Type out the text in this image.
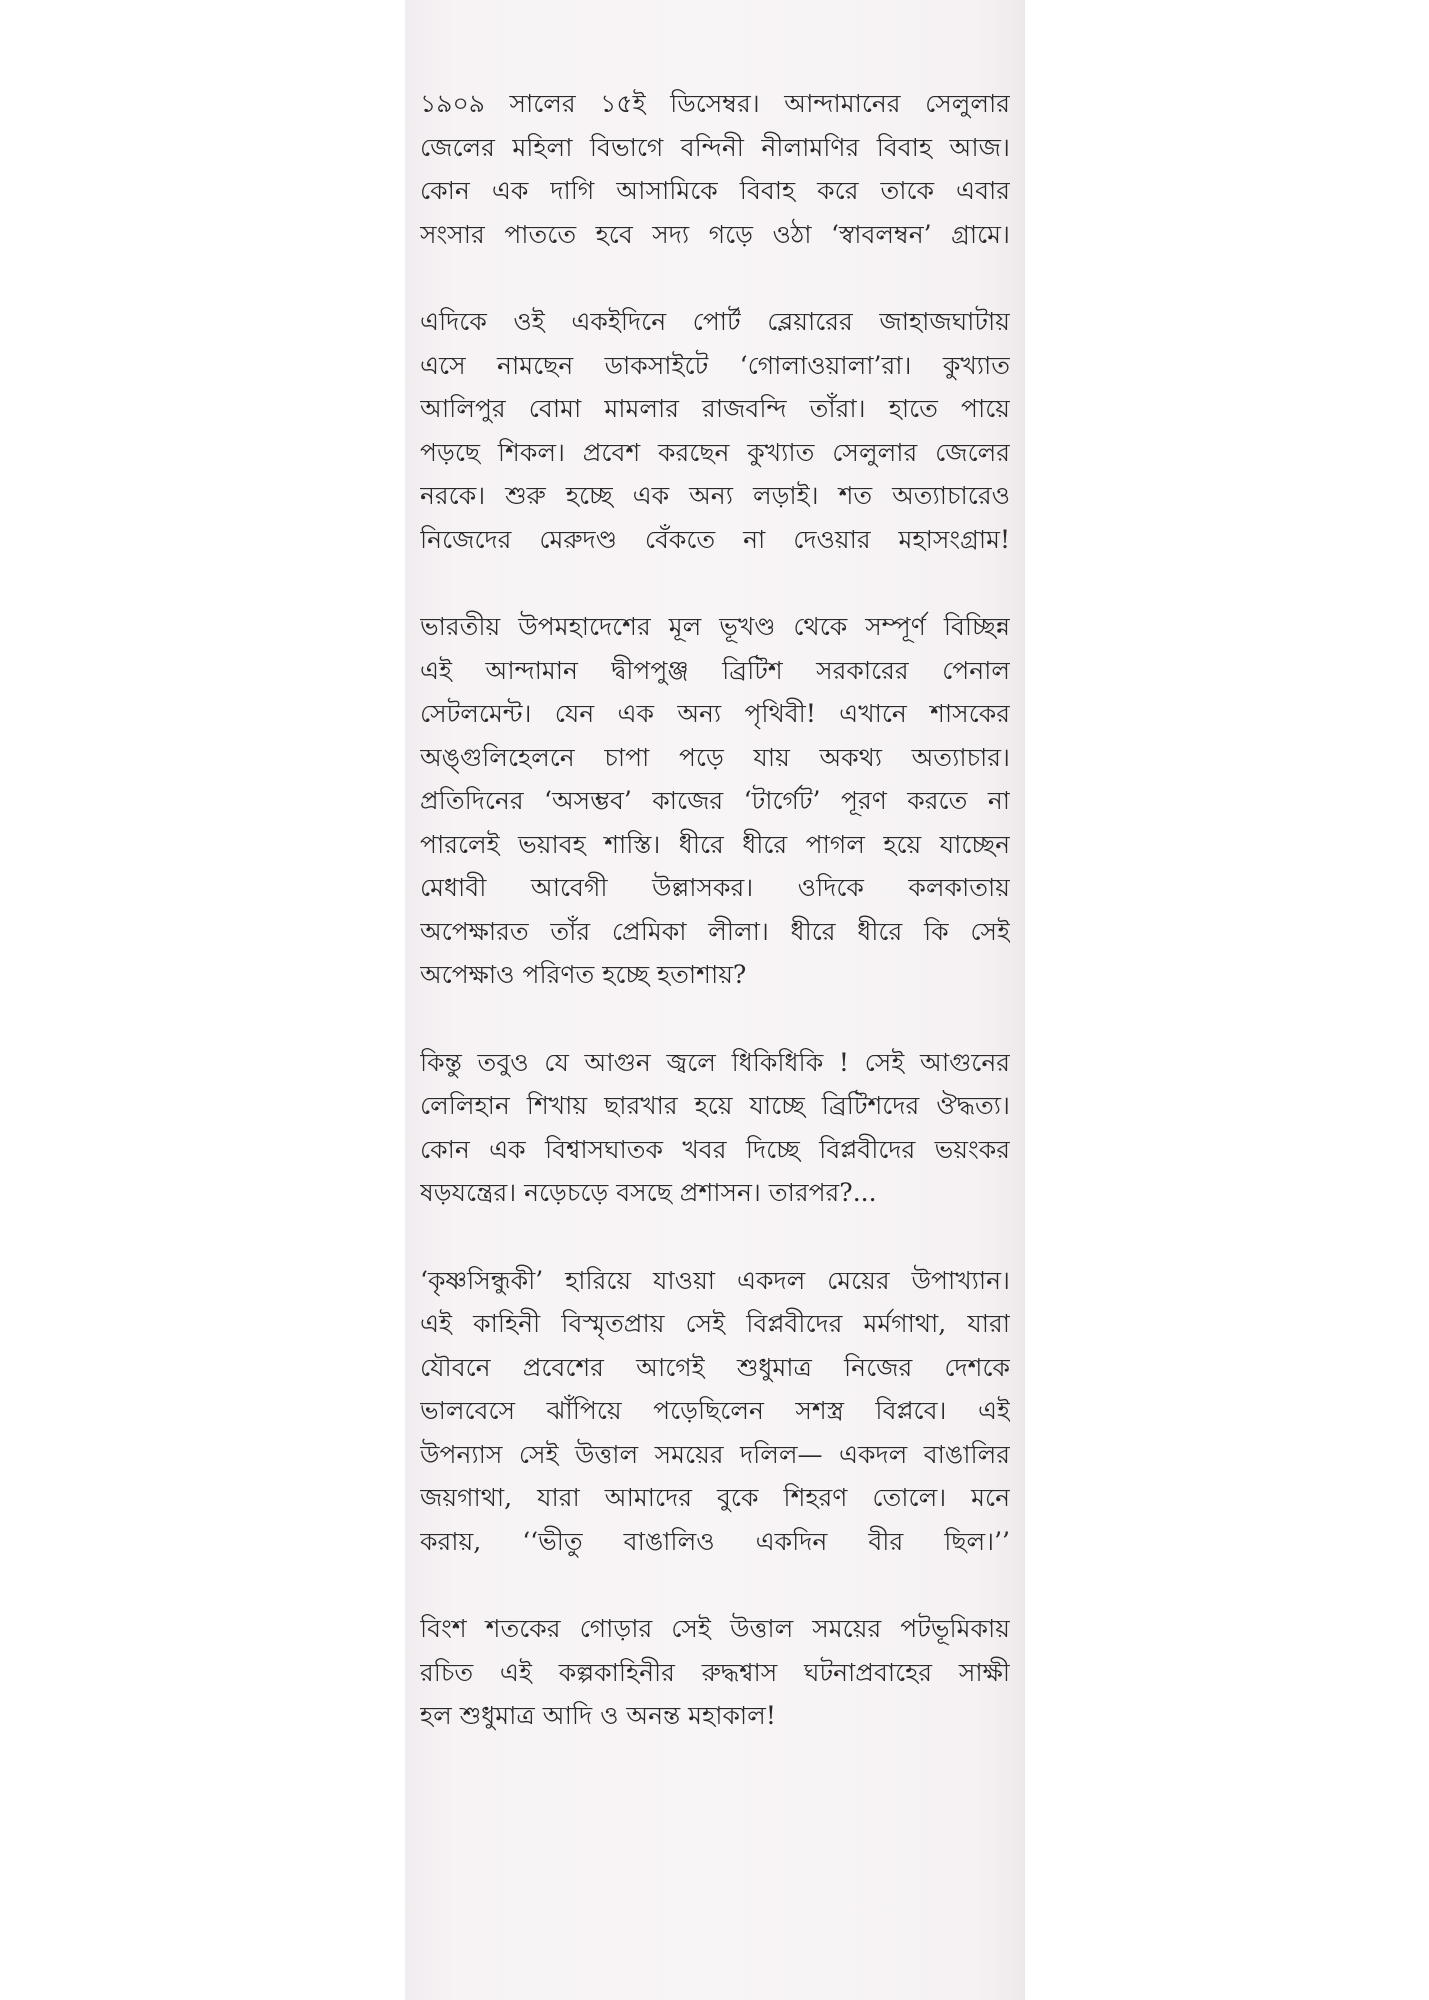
১৯০৯ সালের ১৫ই ডিসেম্বর। আন্দামানের সেলুলার
জেলের মহিলা বিভাগে বন্দিনী নীলামণির বিবাহ আজ।
কোন এক দাগি আসামিকে বিবাহ করে তাকে এবার
সংসার পাততে হবে সদ্য গড়ে ওঠা ‘স্বাবলম্বন’ গ্রামে।
এদিকে ওই একইদিনে পোর্ট ব্লেয়ারের জাহাজঘাটায়
এসে নামছেন ডাকসাইটে ‘গোলাওয়ালা’রা। কুখ্যাত
আলিপুর বোমা মামলার রাজবন্দি তাঁরা। হাতে পায়ে
পড়ছে শিকল। প্রবেশ করছেন কুখ্যাত সেলুলার জেলের
নরকে। শুরু হচ্ছে এক অন্য লড়াই। শত অত্যাচারেও
নিজেদের মেরুদণ্ড বেঁকতে না দেওয়ার মহাসংগ্রাম!
ভারতীয় উপমহাদেশের মূল ভূখণ্ড থেকে সম্পূর্ণ বিচ্ছিন্ন
এই আন্দামান দ্বীপপুঞ্জ ব্রিটিশ সরকারের পেনাল
সেটলমেন্ট। যেন এক অন্য পৃথিবী! এখানে শাসকের
অঙ্গুলিহেলনে চাপা পড়ে যায় অকথ্য অত্যাচার।
প্রতিদিনের ‘অসম্ভব’ কাজের ‘টার্গেট’ পূরণ করতে না
পারলেই ভয়াবহ শাস্তি। ধীরে ধীরে পাগল হয়ে যাচ্ছেন
মেধাবী আবেগী উল্লাসকর। ওদিকে কলকাতায়
অপেক্ষারত তাঁর প্রেমিকা লীলা। ধীরে ধীরে কি সেই
অপেক্ষাও পরিণত হচ্ছে হতাশায়?
কিন্তু তবুও যে আগুন জ্বলে ধিকিধিকি ! সেই আগুনের
লেলিহান শিখায় ছারখার হয়ে যাচ্ছে ব্রিটিশদের ঔদ্ধত্য।
কোন এক বিশ্বাসঘাতক খবর দিচ্ছে বিপ্লবীদের ভয়ংকর
ষড়যন্ত্রের। নড়েচড়ে বসছে প্রশাসন। তারপর?...
‘কৃষ্ণসিন্ধুকী’ হারিয়ে যাওয়া একদল মেয়ের উপাখ্যান।
এই কাহিনী বিস্মৃতপ্রায় সেই বিপ্লবীদের মর্মগাথা, যারা
যৌবনে প্রবেশের আগেই শুধুমাত্র নিজের দেশকে
ভালবেসে ঝাঁপিয়ে পড়েছিলেন সশস্ত্র বিপ্লবে। এই
উপন্যাস সেই উত্তাল সময়ের দলিল— একদল বাঙালির
জয়গাথা, যারা আমাদের বুকে শিহরণ তোলে। মনে
করায়, ‘‘ভীতু বাঙালিও একদিন বীর ছিল।’’
বিংশ শতকের গোড়ার সেই উত্তাল সময়ের পটভূমিকায়
রচিত এই কল্পকাহিনীর রুদ্ধশ্বাস ঘটনাপ্রবাহের সাক্ষী
হল শুধুমাত্র আদি ও অনন্ত মহাকাল!
